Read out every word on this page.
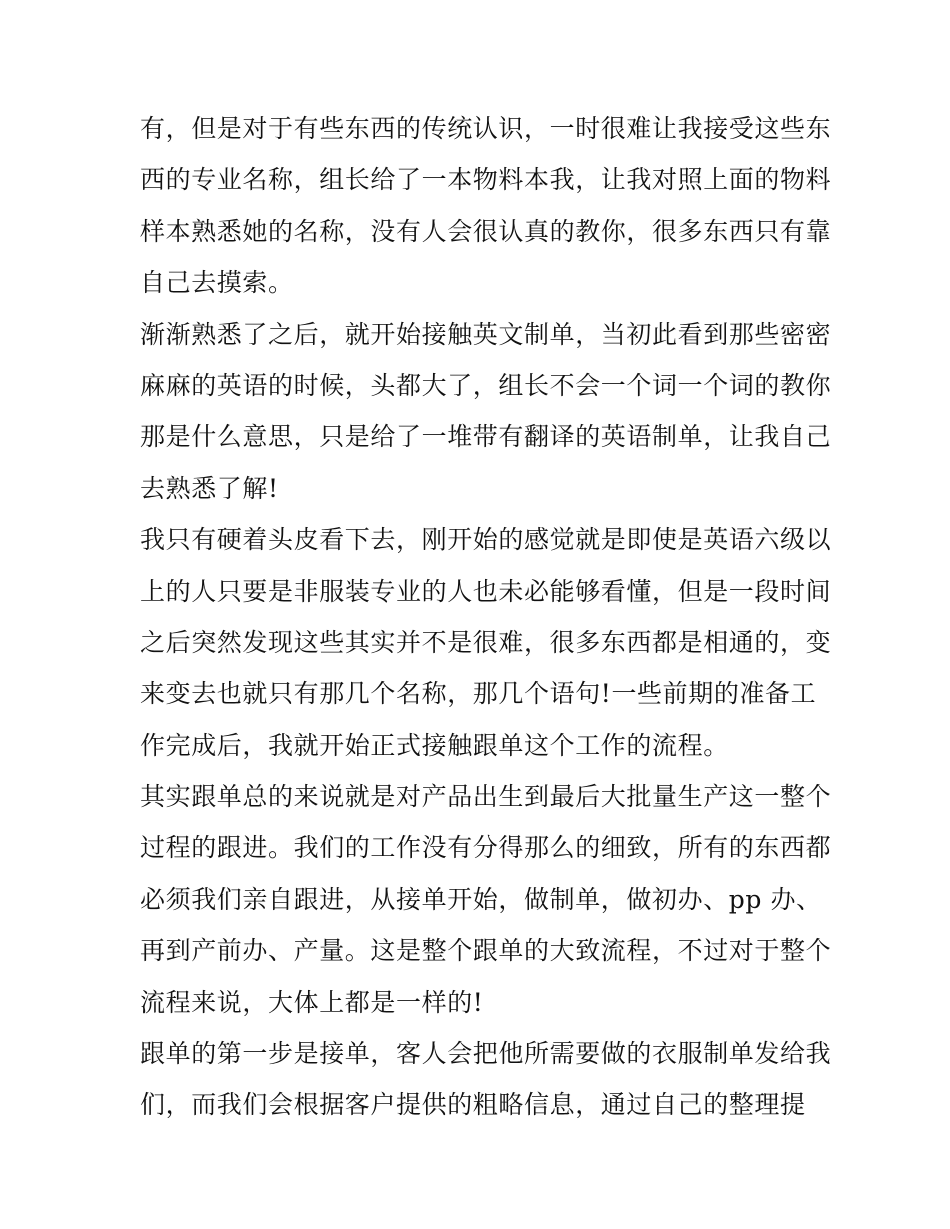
有，但是对于有些东西的传统认识，一时很难让我接受这些东
西的专业名称，组长给了一本物料本我，让我对照上面的物料
样本熟悉她的名称，没有人会很认真的教你，很多东西只有靠
自己去摸索。
渐渐熟悉了之后，就开始接触英文制单，当初此看到那些密密
麻麻的英语的时候，头都大了，组长不会一个词一个词的教你
那是什么意思，只是给了一堆带有翻译的英语制单，让我自己
去熟悉了解!
我只有硬着头皮看下去，刚开始的感觉就是即使是英语六级以
上的人只要是非服装专业的人也未必能够看懂，但是一段时间
之后突然发现这些其实并不是很难，很多东西都是相通的，变
来变去也就只有那几个名称，那几个语句!一些前期的准备工
作完成后，我就开始正式接触跟单这个工作的流程。
其实跟单总的来说就是对产品出生到最后大批量生产这一整个
过程的跟进。我们的工作没有分得那么的细致，所有的东西都
必须我们亲自跟进，从接单开始，做制单，做初办、pp 办、
再到产前办、产量。这是整个跟单的大致流程，不过对于整个
流程来说，大体上都是一样的!
跟单的第一步是接单，客人会把他所需要做的衣服制单发给我
们，而我们会根据客户提供的粗略信息，通过自己的整理提
